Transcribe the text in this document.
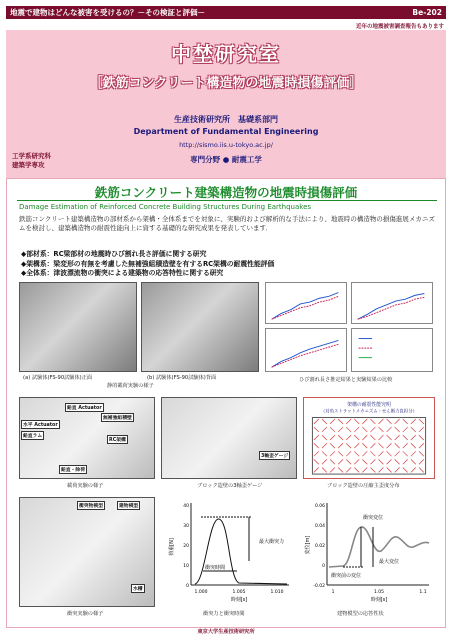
地震で建物はどんな被害を受けるの？－その検証と評価－	Be-202
近年の地震被害調査報告もあります
中埜研究室
［鉄筋コンクリート構造物の地震時損傷評価］
生産技術研究所　基礎系部門
Department of Fundamental Engineering
http://sismo.iis.u-tokyo.ac.jp/
専門分野 ● 耐震工学
工学系研究科
建築学専攻
鉄筋コンクリート建築構造物の地震時損傷評価
Damage Estimation of Reinforced Concrete Building Structures During Earthquakes
鉄筋コンクリート建築構造物の部材系から架構・全体系までを対象に、実験的および解析的な手法により、地震時の構造物の損傷進展メカニズムを検討し、建築構造物の耐震性能向上に資する基礎的な研究成果を発表しています．
◆部材系：RC梁部材の地震時ひび割れ長さ評価に関する研究
◆架構系：梁変形の有無を考慮した無補強組積造壁を有するRC架構の耐震性能評価
◆全体系：津波漂流物の衝突による建築物の応答特性に関する研究
(a) 試験体(FS-90試験体)正面	(b) 試験体(FS-90試験体)背面
静的載荷実験の様子
ひび割れ長さ推定結果と実験結果の比較
鉛直 Actuator
無補強組積壁
水平 Actuator
RC架構
鉛直ラム
鉛直・除荷
載荷実験の様子
3軸歪ゲージ
ブロック造壁の3軸歪ゲージ
架構の耐震性能究明
（対角ストラットメカニズム・せん断力負担分）
ブロック造壁の圧縮主歪度分布
衝突物模型	建物模型
水槽
衝突実験の様子
荷重[N]
0
10
20
30
40
1.000	1.005	1.010
時刻[s]
最大衝突力
衝突時間
衝突力と衝突時間
変位[m]
0.06
0.04
0.02
0
-0.02
1	1.05	1.1
時刻[s]
衝突変位
衝突前の変位
最大変位
建物模型の応答性状
東京大学生産技術研究所
